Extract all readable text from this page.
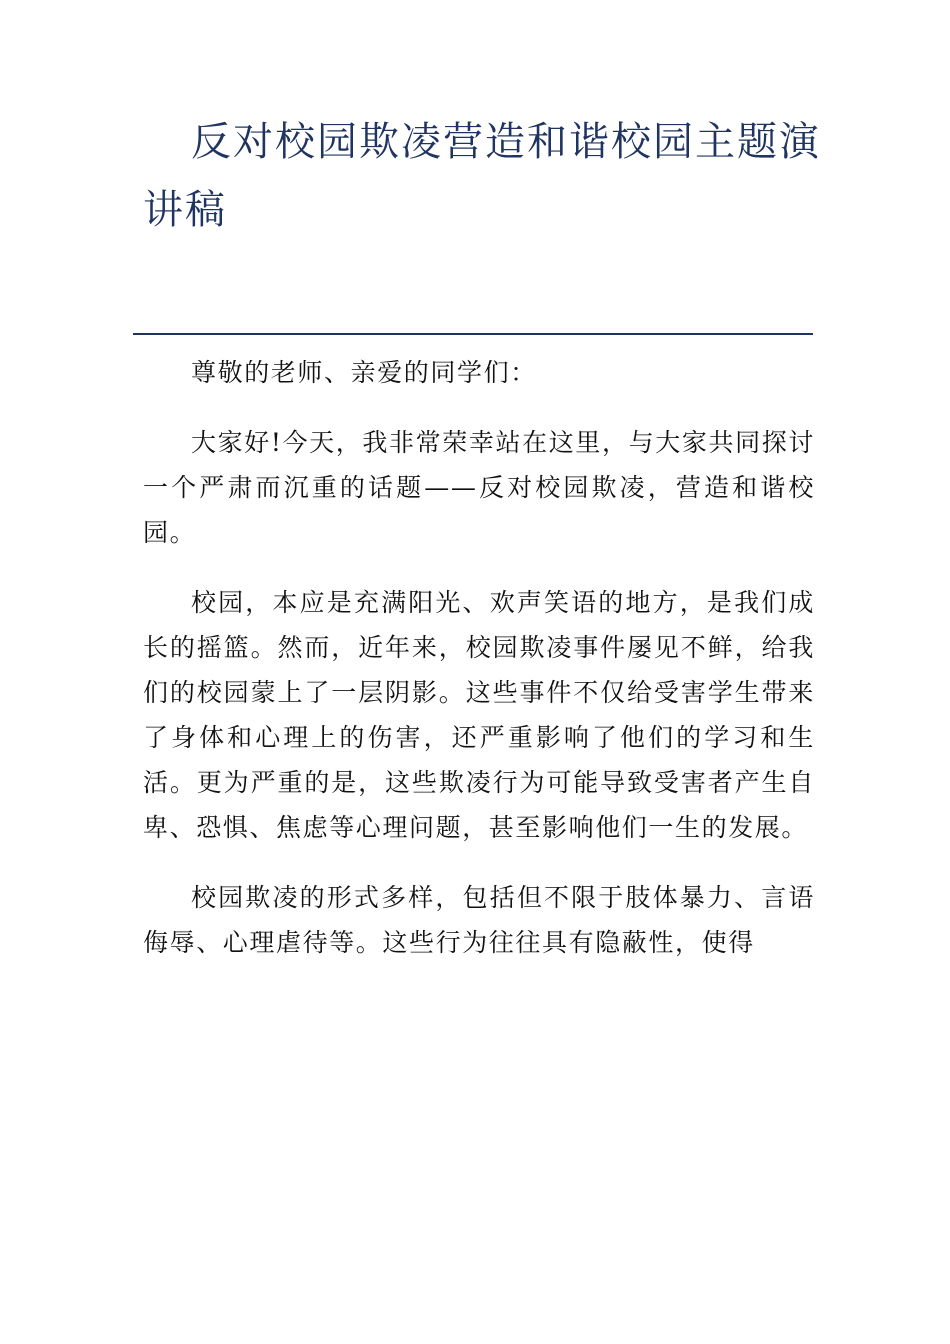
反对校园欺凌营造和谐校园主题演讲稿

尊敬的老师、亲爱的同学们：

大家好!今天，我非常荣幸站在这里，与大家共同探讨一个严肃而沉重的话题——反对校园欺凌，营造和谐校园。

校园，本应是充满阳光、欢声笑语的地方，是我们成长的摇篮。然而，近年来，校园欺凌事件屡见不鲜，给我们的校园蒙上了一层阴影。这些事件不仅给受害学生带来了身体和心理上的伤害，还严重影响了他们的学习和生活。更为严重的是，这些欺凌行为可能导致受害者产生自卑、恐惧、焦虑等心理问题，甚至影响他们一生的发展。

校园欺凌的形式多样，包括但不限于肢体暴力、言语侮辱、心理虐待等。这些行为往往具有隐蔽性，使得
